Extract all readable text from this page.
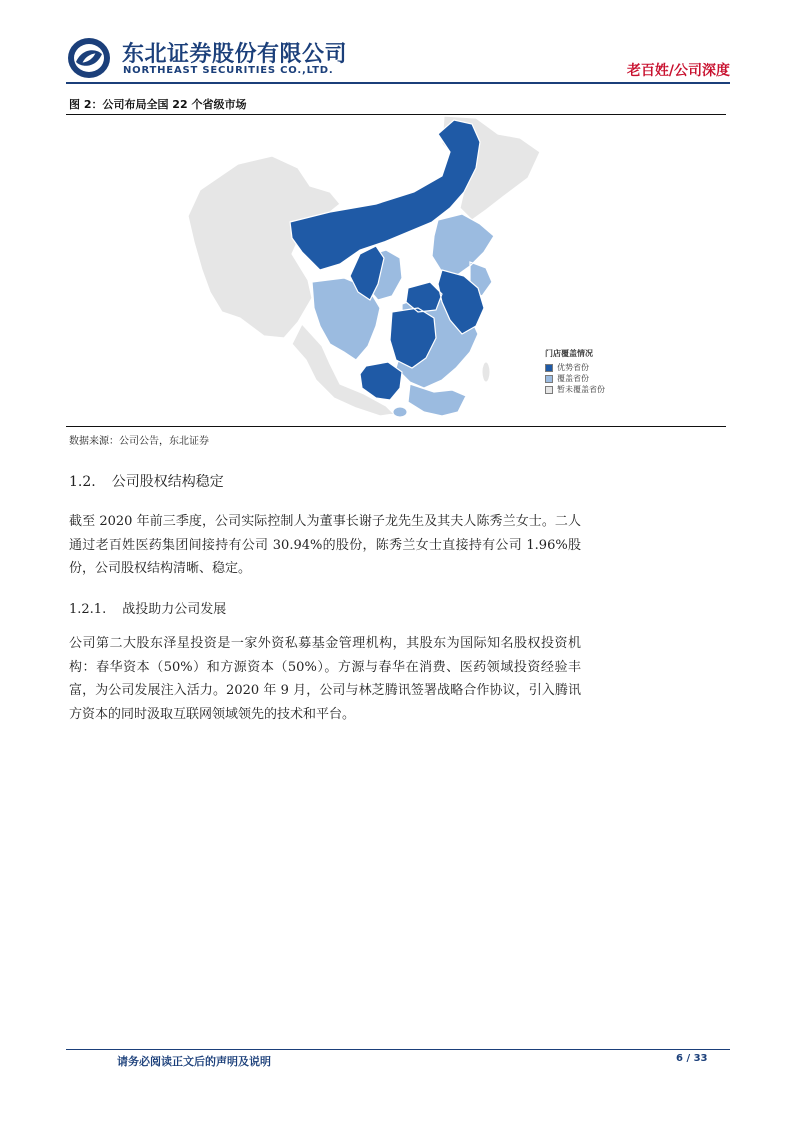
东北证券股份有限公司
NORTHEAST SECURITIES CO.,LTD.	老百姓/公司深度
图 2：公司布局全国 22 个省级市场
门店覆盖情况
优势省份
覆盖省份
暂未覆盖省份
数据来源：公司公告，东北证券
1.2. 公司股权结构稳定
截至 2020 年前三季度，公司实际控制人为董事长谢子龙先生及其夫人陈秀兰女士。二人通过老百姓医药集团间接持有公司 30.94%的股份，陈秀兰女士直接持有公司 1.96%股份，公司股权结构清晰、稳定。
1.2.1. 战投助力公司发展
公司第二大股东泽星投资是一家外资私募基金管理机构，其股东为国际知名股权投资机构：春华资本（50%）和方源资本（50%）。方源与春华在消费、医药领域投资经验丰富，为公司发展注入活力。2020 年 9 月，公司与林芝腾讯签署战略合作协议，引入腾讯方资本的同时汲取互联网领域领先的技术和平台。
请务必阅读正文后的声明及说明	6 / 33
